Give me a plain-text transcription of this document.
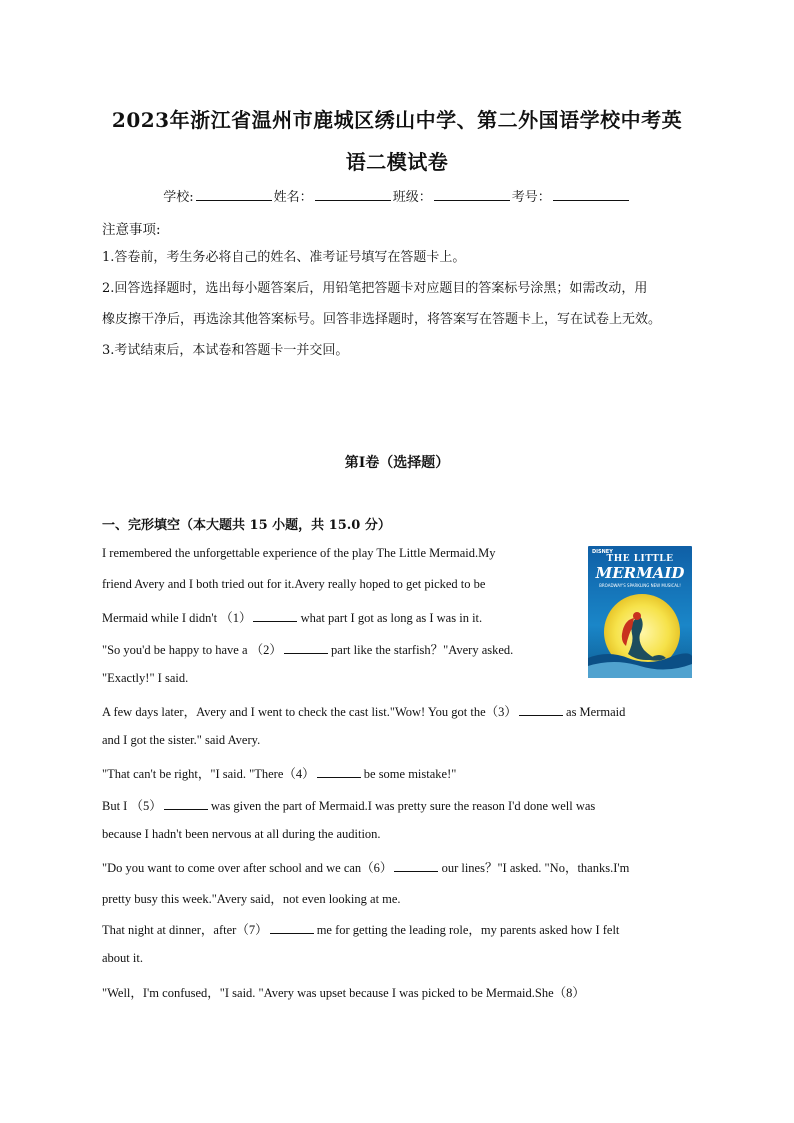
2023年浙江省温州市鹿城区绣山中学、第二外国语学校中考英
语二模试卷
学校:	姓名：	班级：	考号：
注意事项:
1.答卷前，考生务必将自己的姓名、准考证号填写在答题卡上。
2.回答选择题时，选出每小题答案后，用铅笔把答题卡对应题目的答案标号涂黑；如需改动，用
橡皮擦干净后，再选涂其他答案标号。回答非选择题时，将答案写在答题卡上，写在试卷上无效。
3.考试结束后，本试卷和答题卡一并交回。
第Ⅰ卷（选择题）
一、完形填空（本大题共 15 小题，共 15.0 分）
DISNEY
THE LITTLE
MERMAID
BROADWAY'S SPARKLING NEW MUSICAL!
I remembered the unforgettable experience of the play The Little Mermaid.My
friend Avery and I both tried out for it.Avery really hoped to get picked to be
Mermaid while I didn't （1）	what part I got as long as I was in it.
"So you'd be happy to have a （2）	part like the starfish？"Avery asked.
"Exactly!" I said.
A few days later，Avery and I went to check the cast list."Wow! You got the（3）	as Mermaid
and I got the sister." said Avery.
"That can't be right，"I said. "There（4）	be some mistake!"
But I （5）	was given the part of Mermaid.I was pretty sure the reason I'd done well was
because I hadn't been nervous at all during the audition.
"Do you want to come over after school and we can（6）	our lines？"I asked. "No，thanks.I'm
pretty busy this week."Avery said，not even looking at me.
That night at dinner，after（7）	me for getting the leading role，my parents asked how I felt
about it.
"Well，I'm confused，"I said. "Avery was upset because I was picked to be Mermaid.She（8）
